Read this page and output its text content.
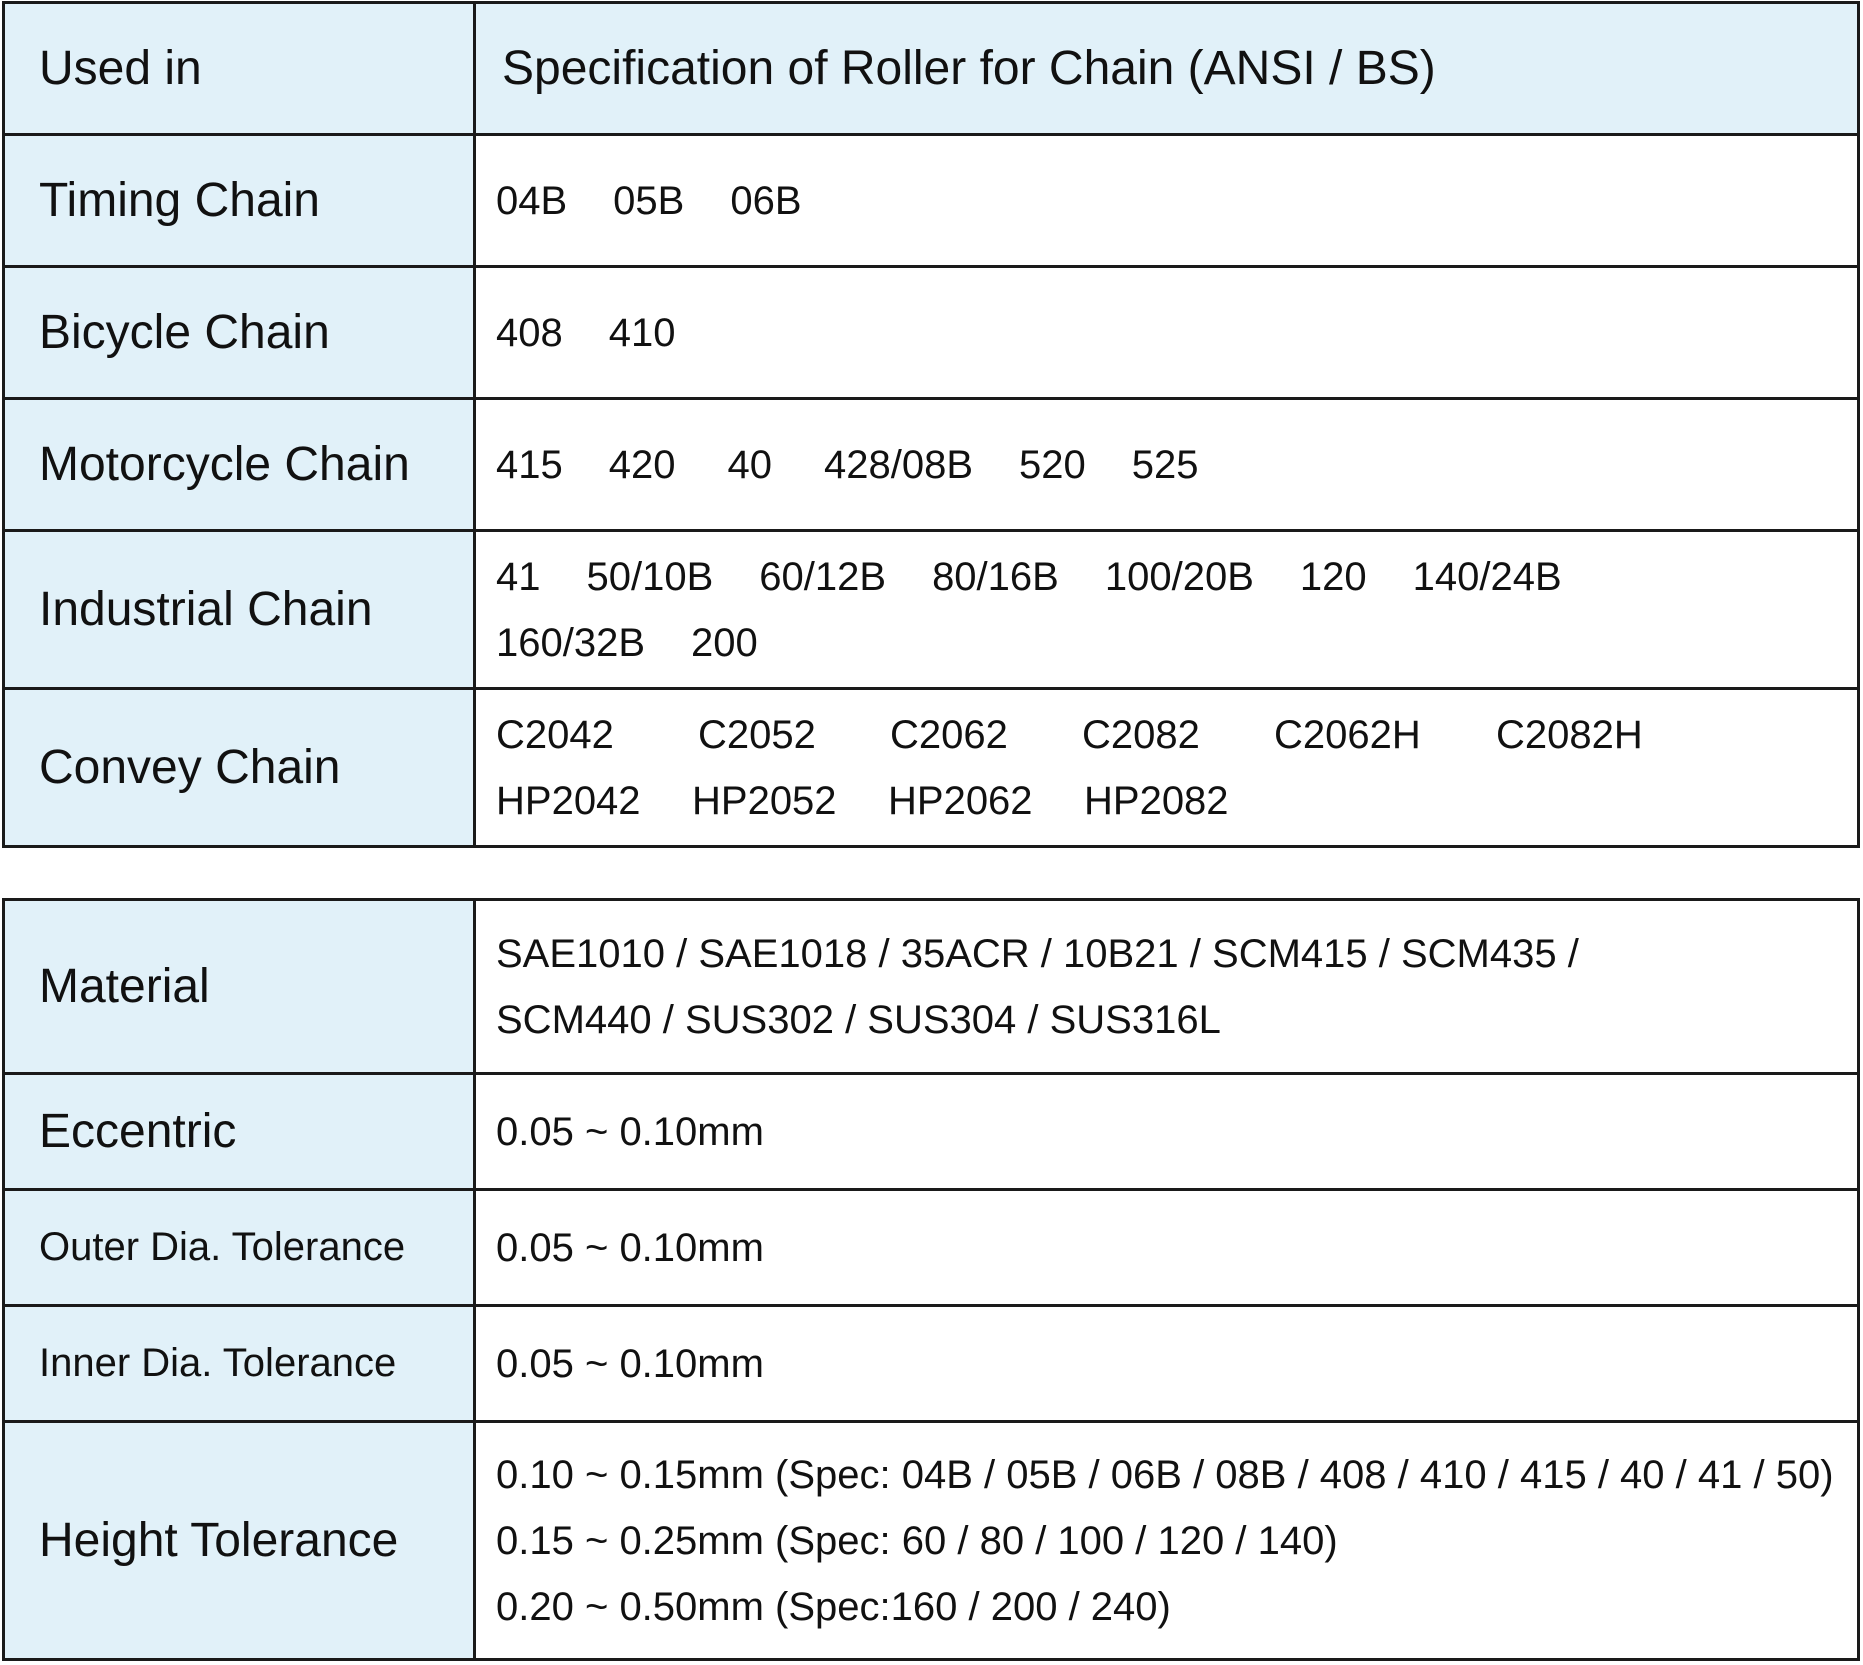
Used in	Specification of Roller for Chain (ANSI / BS)
Timing Chain	04B 05B 06B

Bicycle Chain	408 410

Motorcycle Chain	415 420 40 428/08B 520 525

Industrial Chain	41 50/10B 60/12B 80/16B 100/20B 120 140/24B
160/32B 200

Convey Chain	C2042 C2052 C2062 C2082 C2062H C2082H
HP2042 HP2052 HP2062 HP2082
Material	SAE1010 / SAE1018 / 35ACR / 10B21 / SCM415 / SCM435 /
SCM440 / SUS302 / SUS304 / SUS316L

Eccentric	0.05 ~ 0.10mm

Outer Dia. Tolerance	0.05 ~ 0.10mm

Inner Dia. Tolerance	0.05 ~ 0.10mm

Height Tolerance	0.10 ~ 0.15mm (Spec: 04B / 05B / 06B / 08B / 408 / 410 / 415 / 40 / 41 / 50)
0.15 ~ 0.25mm (Spec: 60 / 80 / 100 / 120 / 140)
0.20 ~ 0.50mm (Spec:160 / 200 / 240)
